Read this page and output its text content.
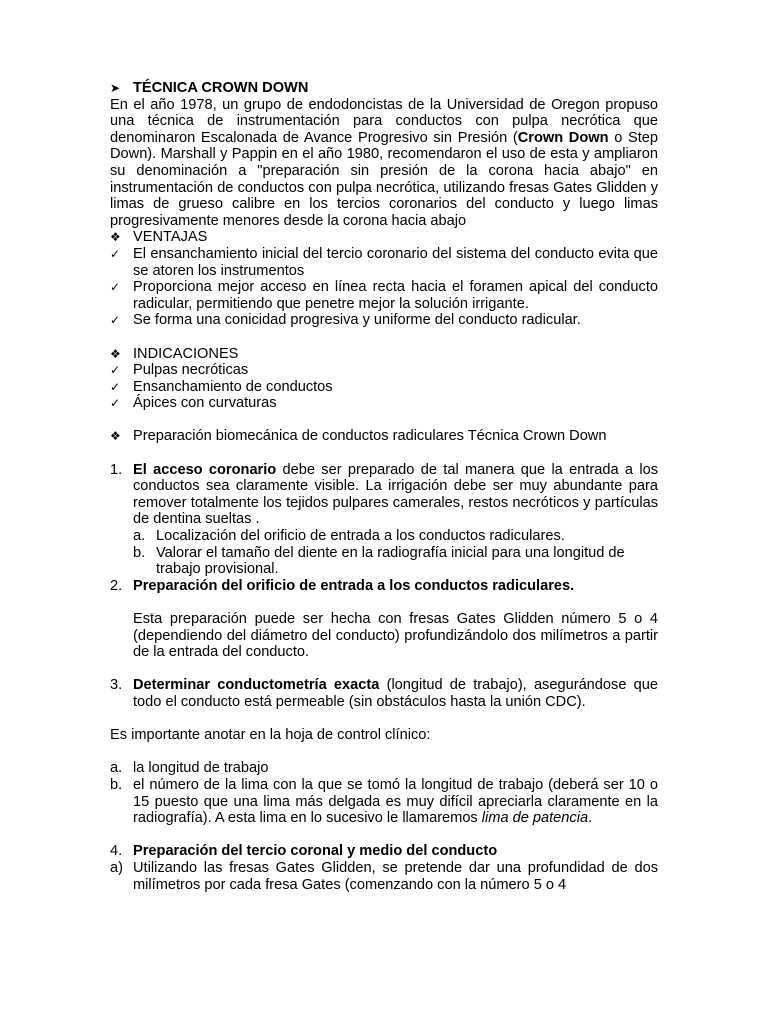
➤ TÉCNICA CROWN DOWN
En el año 1978, un grupo de endodoncistas de la Universidad de Oregon propuso una técnica de instrumentación para conductos con pulpa necrótica que denominaron Escalonada de Avance Progresivo sin Presión (Crown Down o Step Down). Marshall y Pappin en el año 1980, recomendaron el uso de esta y ampliaron su denominación a "preparación sin presión de la corona hacia abajo" en instrumentación de conductos con pulpa necrótica, utilizando fresas Gates Glidden y limas de grueso calibre en los tercios coronarios del conducto y luego limas progresivamente menores desde la corona hacia abajo
❖ VENTAJAS
✓ El ensanchamiento inicial del tercio coronario del sistema del conducto evita que se atoren los instrumentos
✓ Proporciona mejor acceso en línea recta hacia el foramen apical del conducto radicular, permitiendo que penetre mejor la solución irrigante.
✓ Se forma una conicidad progresiva y uniforme del conducto radicular.
❖ INDICACIONES
✓ Pulpas necróticas
✓ Ensanchamiento de conductos
✓ Ápices con curvaturas
❖ Preparación biomecánica de conductos radiculares Técnica Crown Down
1. El acceso coronario debe ser preparado de tal manera que la entrada a los conductos sea claramente visible. La irrigación debe ser muy abundante para remover totalmente los tejidos pulpares camerales, restos necróticos y partículas de dentina sueltas .
a. Localización del orificio de entrada a los conductos radiculares.
b. Valorar el tamaño del diente en la radiografía inicial para una longitud de trabajo provisional.
2. Preparación del orificio de entrada a los conductos radiculares.
Esta preparación puede ser hecha con fresas Gates Glidden número 5 o 4 (dependiendo del diámetro del conducto) profundizándolo dos milímetros a partir de la entrada del conducto.
3. Determinar conductometría exacta (longitud de trabajo), asegurándose que todo el conducto está permeable (sin obstáculos hasta la unión CDC).
Es importante anotar en la hoja de control clínico:
a. la longitud de trabajo
b. el número de la lima con la que se tomó la longitud de trabajo (deberá ser 10 o 15 puesto que una lima más delgada es muy difícil apreciarla claramente en la radiografía). A esta lima en lo sucesivo le llamaremos lima de patencia.
4. Preparación del tercio coronal y medio del conducto
a) Utilizando las fresas Gates Glidden, se pretende dar una profundidad de dos milímetros por cada fresa Gates (comenzando con la número 5 o 4
